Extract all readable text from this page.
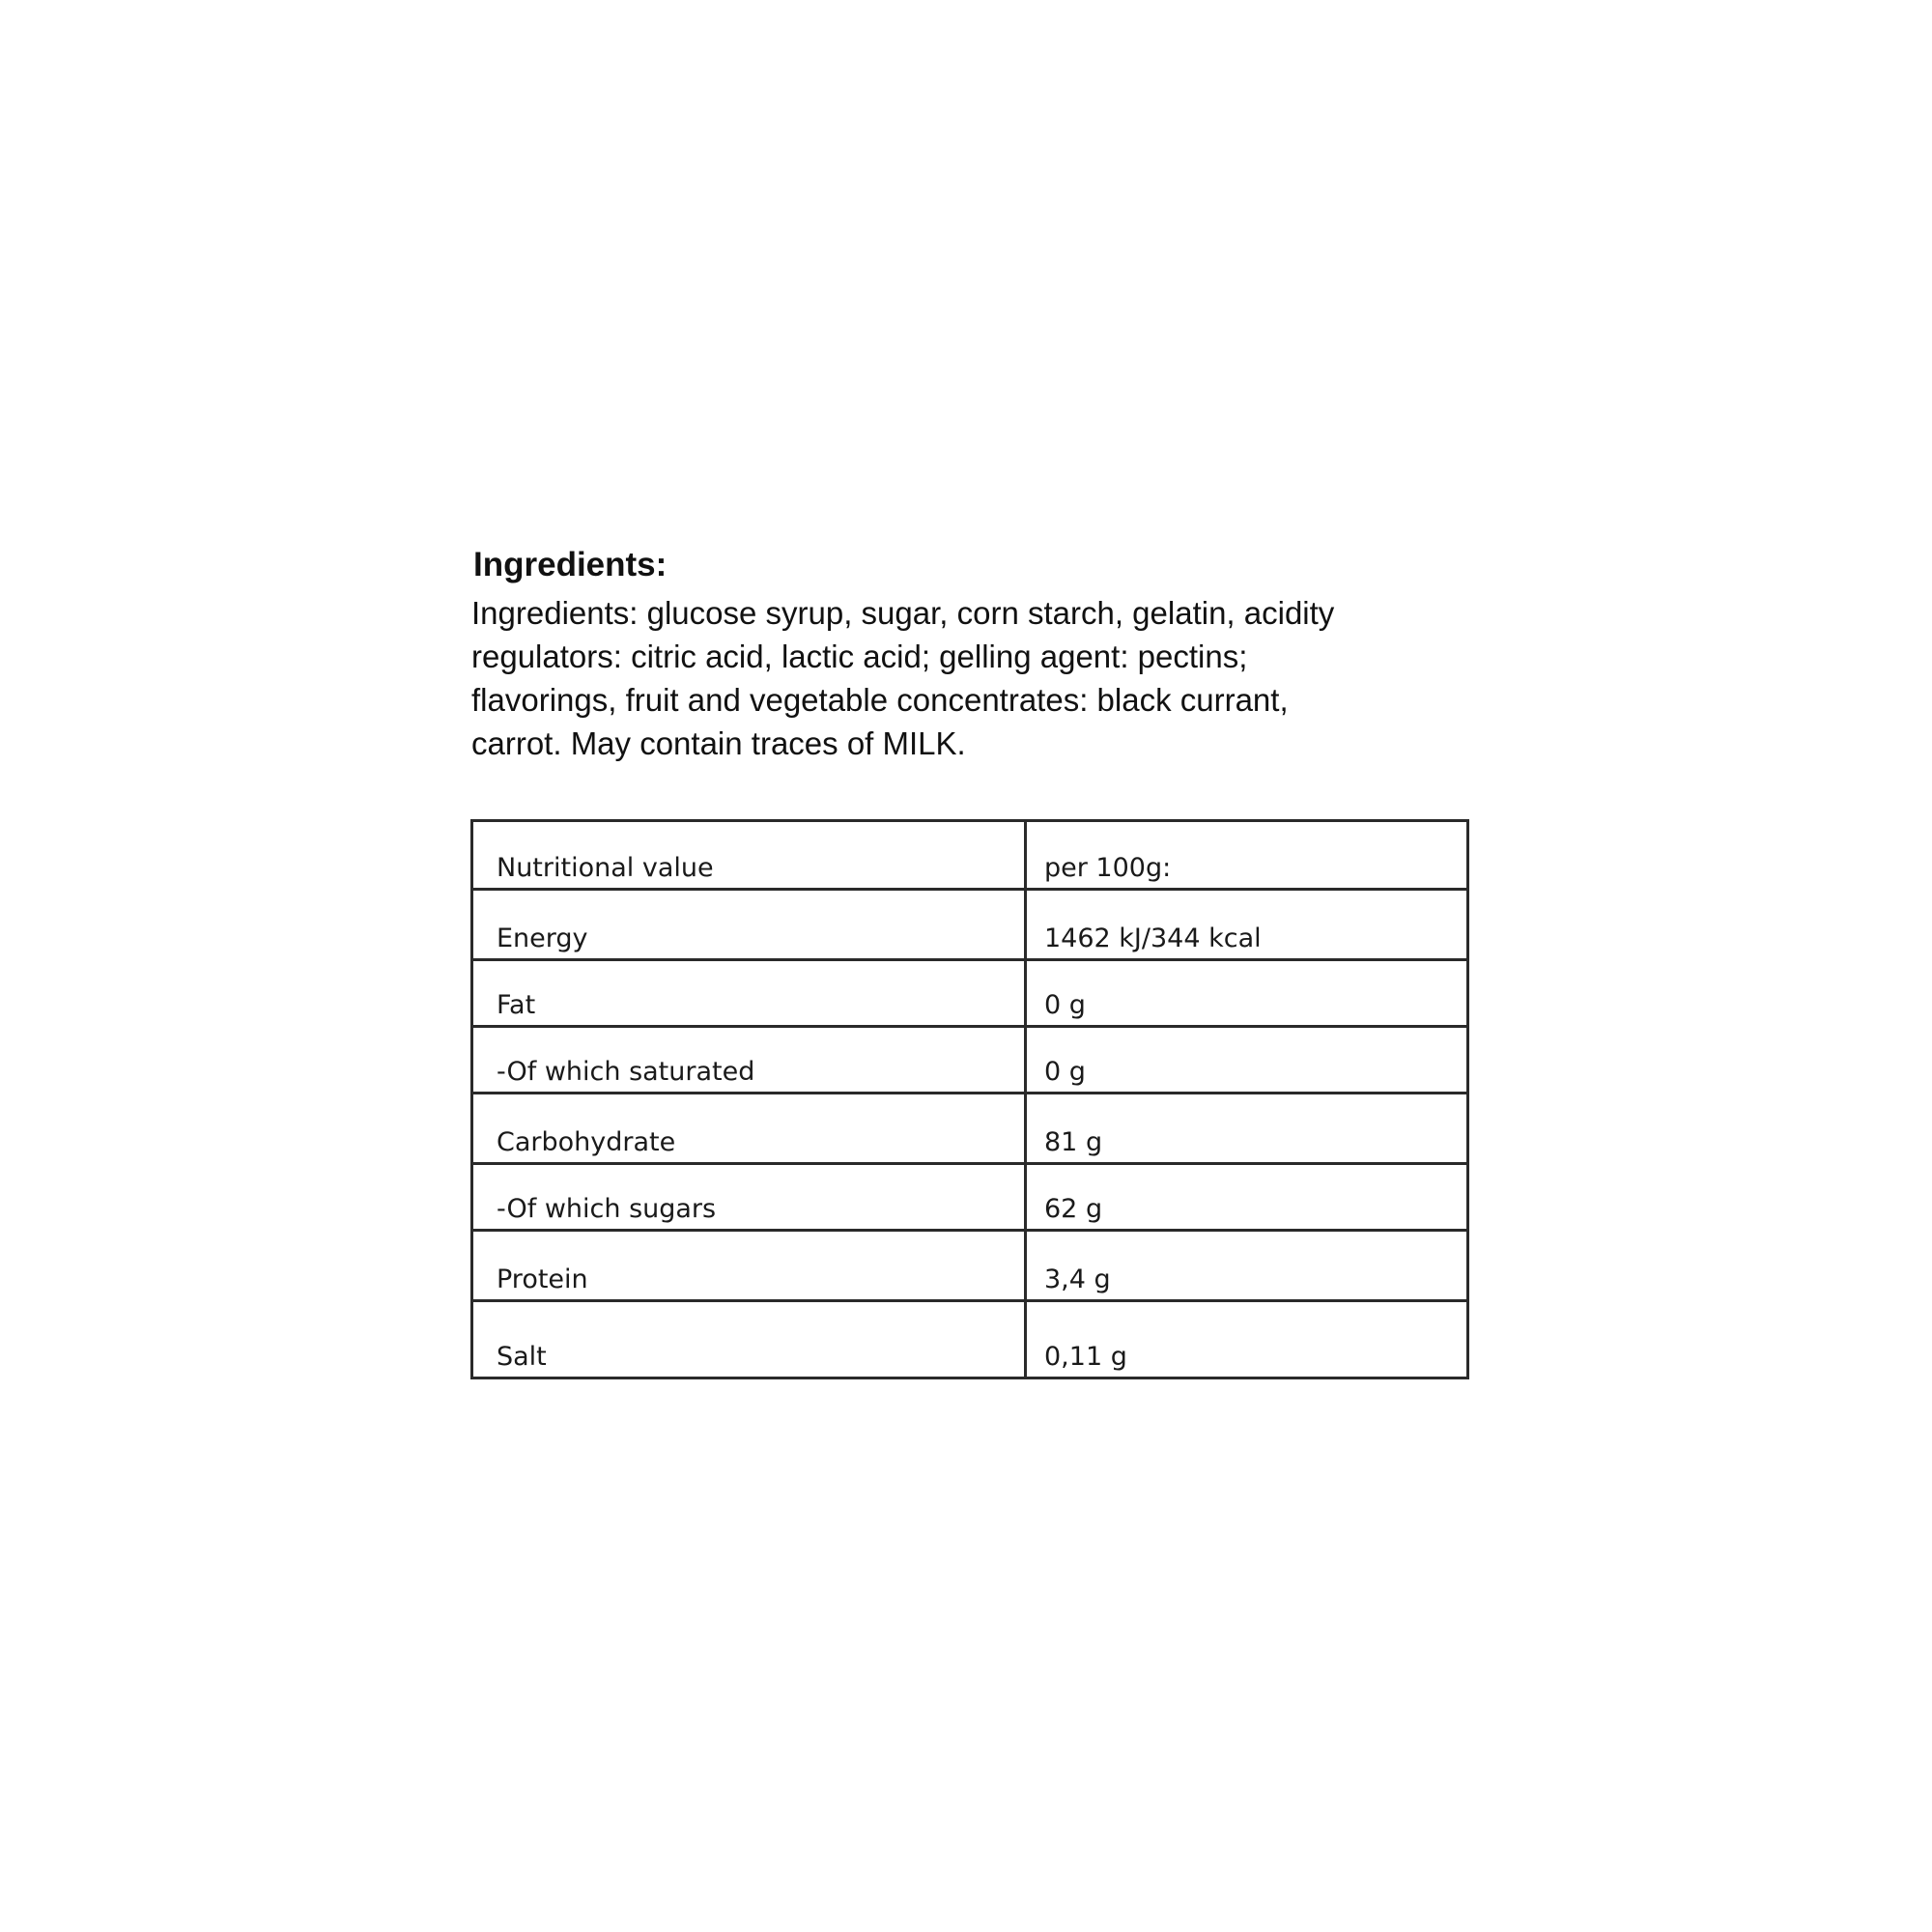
Ingredients:

Ingredients: glucose syrup, sugar, corn starch, gelatin, acidity
regulators: citric acid, lactic acid; gelling agent: pectins;
flavorings, fruit and vegetable concentrates: black currant,
carrot. May contain traces of MILK.

Nutritional value	per 100g:
Energy	1462 kJ/344 kcal
Fat	0 g
-Of which saturated	0 g
Carbohydrate	81 g
-Of which sugars	62 g
Protein	3,4 g
Salt	0,11 g
